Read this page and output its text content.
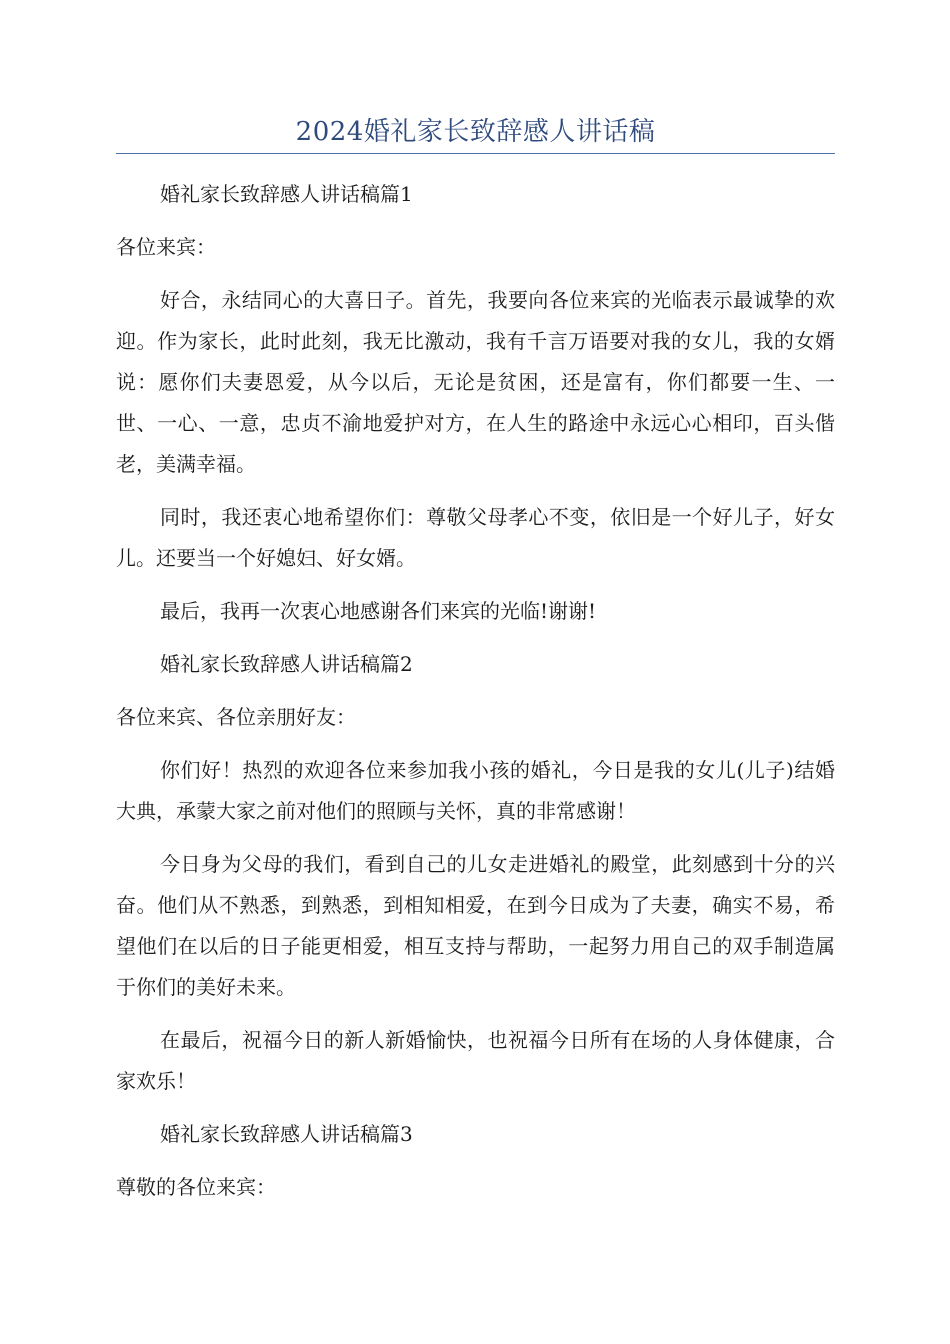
2024婚礼家长致辞感人讲话稿

婚礼家长致辞感人讲话稿篇1

各位来宾：

好合，永结同心的大喜日子。首先，我要向各位来宾的光临表示最诚挚的欢迎。作为家长，此时此刻，我无比激动，我有千言万语要对我的女儿，我的女婿说：愿你们夫妻恩爱，从今以后，无论是贫困，还是富有，你们都要一生、一世、一心、一意，忠贞不渝地爱护对方，在人生的路途中永远心心相印，百头偕老，美满幸福。

同时，我还衷心地希望你们：尊敬父母孝心不变，依旧是一个好儿子，好女儿。还要当一个好媳妇、好女婿。

最后，我再一次衷心地感谢各们来宾的光临!谢谢!

婚礼家长致辞感人讲话稿篇2

各位来宾、各位亲朋好友：

你们好！热烈的欢迎各位来参加我小孩的婚礼，今日是我的女儿(儿子)结婚大典，承蒙大家之前对他们的照顾与关怀，真的非常感谢！

今日身为父母的我们，看到自己的儿女走进婚礼的殿堂，此刻感到十分的兴奋。他们从不熟悉，到熟悉，到相知相爱，在到今日成为了夫妻，确实不易，希望他们在以后的日子能更相爱，相互支持与帮助，一起努力用自己的双手制造属于你们的美好未来。

在最后，祝福今日的新人新婚愉快，也祝福今日所有在场的人身体健康，合家欢乐！

婚礼家长致辞感人讲话稿篇3

尊敬的各位来宾：
